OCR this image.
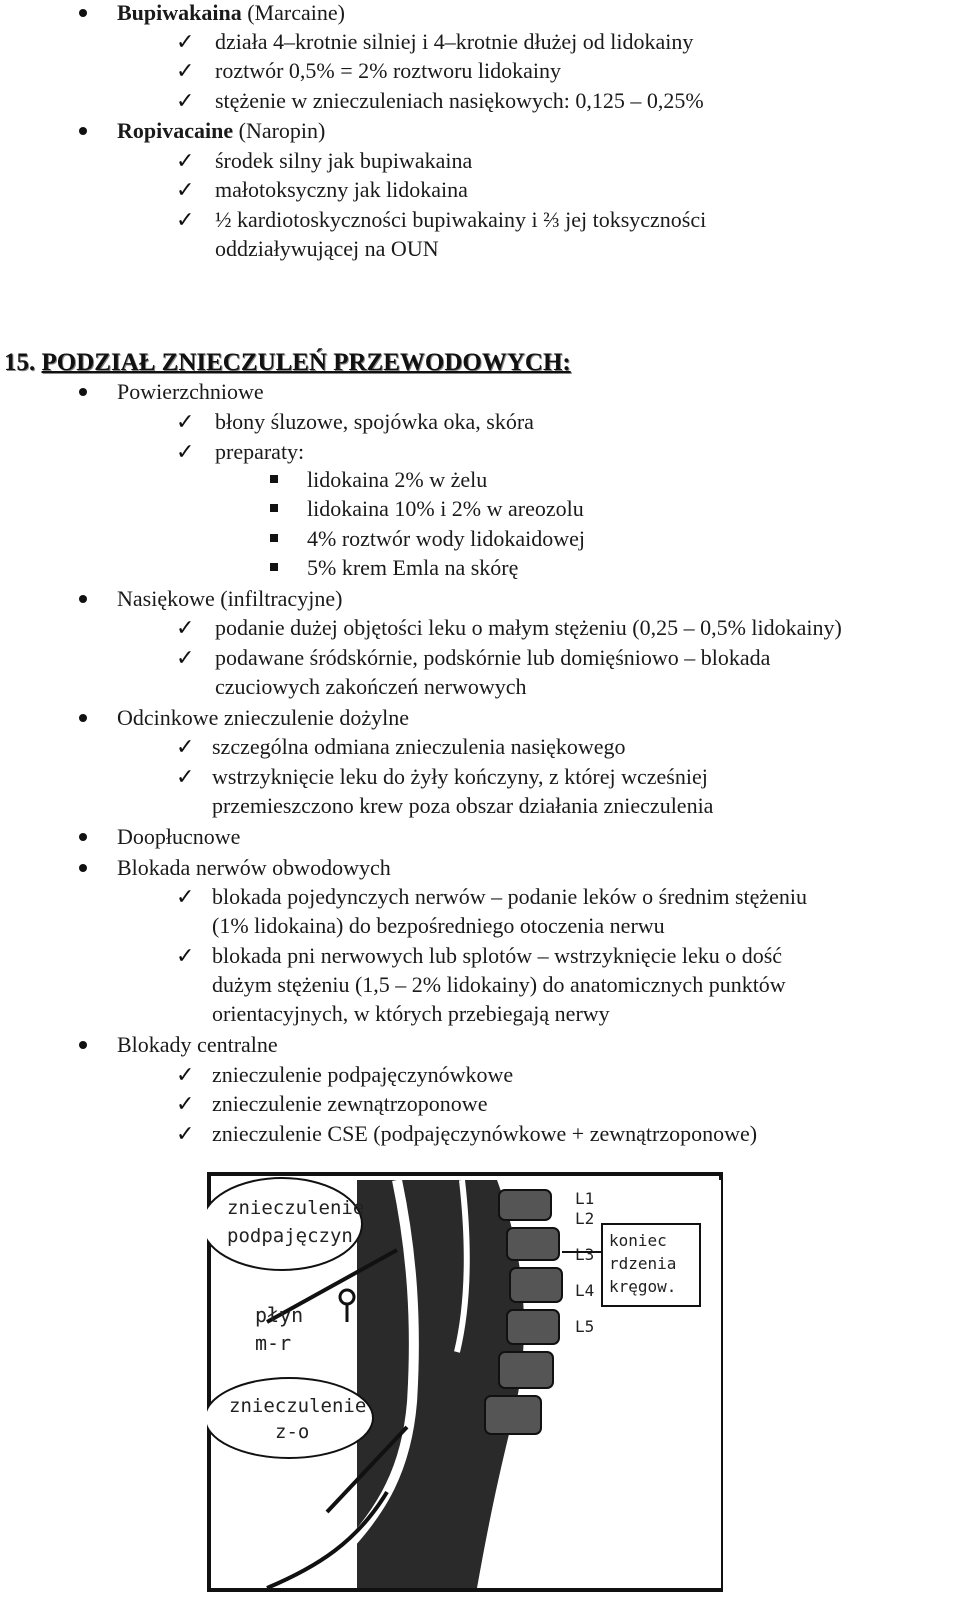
Bupiwakaina (Marcaine)
✓ działa 4–krotnie silniej i 4–krotnie dłużej od lidokainy
✓ roztwór 0,5% = 2% roztworu lidokainy
✓ stężenie w znieczuleniach nasiękowych: 0,125 – 0,25%
Ropivacaine (Naropin)
✓ środek silny jak bupiwakaina
✓ małotoksyczny jak lidokaina
✓ ½ kardiotoskyczności bupiwakainy i ⅔ jej toksyczności
oddziaływującej na OUN
15. PODZIAŁ ZNIECZULEŃ PRZEWODOWYCH:
Powierzchniowe
✓ błony śluzowe, spojówka oka, skóra
✓ preparaty:
lidokaina 2% w żelu
lidokaina 10% i 2% w areozolu
4% roztwór wody lidokaidowej
5% krem Emla na skórę
Nasiękowe (infiltracyjne)
✓ podanie dużej objętości leku o małym stężeniu (0,25 – 0,5% lidokainy)
✓ podawane śródskórnie, podskórnie lub domięśniowo – blokada
czuciowych zakończeń nerwowych
Odcinkowe znieczulenie dożylne
✓ szczególna odmiana znieczulenia nasiękowego
✓ wstrzyknięcie leku do żyły kończyny, z której wcześniej
przemieszczono krew poza obszar działania znieczulenia
Doopłucnowe
Blokada nerwów obwodowych
✓ blokada pojedynczych nerwów – podanie leków o średnim stężeniu
(1% lidokaina) do bezpośredniego otoczenia nerwu
✓ blokada pni nerwowych lub splotów – wstrzyknięcie leku o dość
dużym stężeniu (1,5 – 2% lidokainy) do anatomicznych punktów
orientacyjnych, w których przebiegają nerwy
Blokady centralne
✓ znieczulenie podpajęczynówkowe
✓ znieczulenie zewnątrzoponowe
✓ znieczulenie CSE (podpajęczynówkowe + zewnątrzoponowe)
znieczulenie
podpajęczyn
płyn
m-r
znieczulenie
z-o
L1
L2
L3
L4
L5
koniec
rdzenia
kręgow.
